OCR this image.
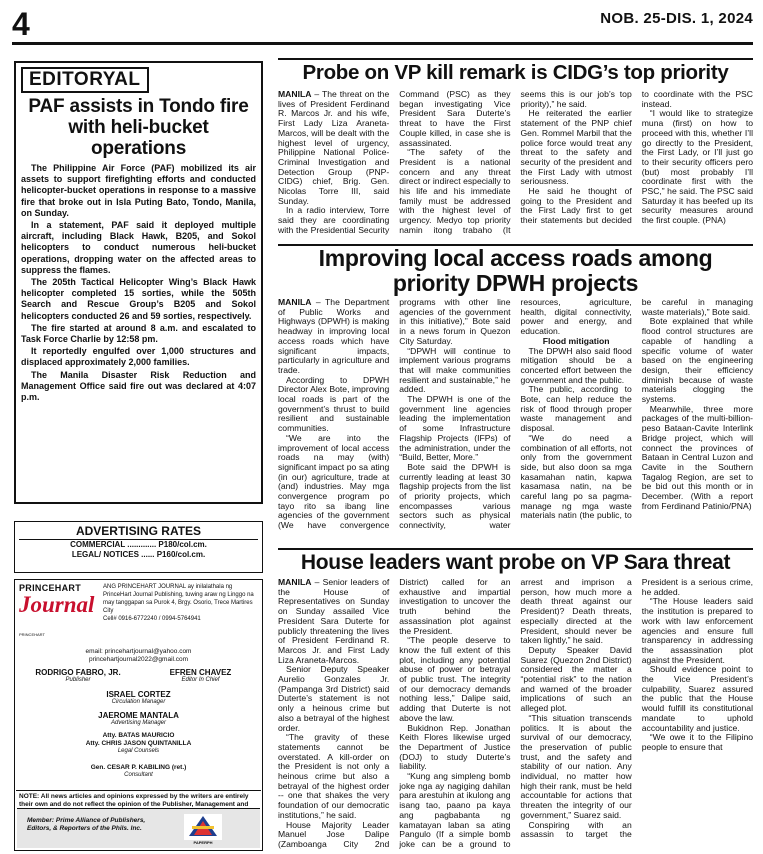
4	NOB. 25-DIS. 1, 2024
EDITORYAL
PAF assists in Tondo fire with heli-bucket operations

The Philippine Air Force (PAF) mobilized its air assets to support firefighting efforts and conducted helicopter-bucket operations in response to a massive fire that broke out in Isla Puting Bato, Tondo, Manila, on Sunday.

In a statement, PAF said it deployed multiple aircraft, including Black Hawk, B205, and Sokol helicopters to conduct numerous heli-bucket operations, dropping water on the affected areas to suppress the flames.

The 205th Tactical Helicopter Wing’s Black Hawk helicopter completed 15 sorties, while the 505th Search and Rescue Group’s B205 and Sokol helicopters conducted 26 and 59 sorties, respectively.

The fire started at around 8 a.m. and escalated to Task Force Charlie by 12:58 pm.

It reportedly engulfed over 1,000 structures and displaced approximately 2,000 families.

The Manila Disaster Risk Reduction and Management Office said fire out was declared at 4:07 p.m.

ADVERTISING RATES
COMMERCIAL ............. P180/col.cm.
LEGAL/ NOTICES ...... P160/col.cm.
PRINCEHART
Journal PRINCEHART
ANG PRINCEHART JOURNAL ay inilalathala ng PrinceHart Journal Publishing, tuwing araw ng Linggo na may tanggapan sa Purok 4, Brgy. Osorio, Trece Martires City
Cell# 0916-6772240 / 0994-5764941
email: princehartjournal@yahoo.com
princehartjournal2022@gmail.com
RODRIGO FABRO, JR.
Publisher
EFREN CHAVEZ
Editor In Chief
ISRAEL CORTEZ
Circulation Manager
JAEROME MANTALA
Advertising Manager
Atty. BATAS MAURICIO
Atty. CHRIS JASON QUINTANILLA
Legal Counsels
Gen. CESAR P. KABILING (ret.)
Consultant
NOTE: All news articles and opinions expressed by the writers are entirely their own and do not reflect the opinion of the Publisher, Management and
Member: Prime Alliance of Publishers, Editors, & Reporters of the Phils. Inc.
PAPERPH
Probe on VP kill remark is CIDG’s top priority

MANILA – The threat on the lives of President Ferdinand R. Marcos Jr. and his wife, First Lady Liza Araneta-Marcos, will be dealt with the highest level of urgency, Philippine National Police-Criminal Investigation and Detection Group (PNP-CIDG) chief, Brig. Gen. Nicolas Torre III, said Sunday.

In a radio interview, Torre said they are coordinating with the Presidential Security Command (PSC) as they began investigating Vice President Sara Duterte’s threat to have the First Couple killed, in case she is assassinated.

“The safety of the President is a national concern and any threat direct or indirect especially to his life and his immediate family must be addressed with the highest level of urgency. Medyo top priority namin itong trabaho (It seems this is our job’s top priority),” he said.

He reiterated the earlier statement of the PNP chief Gen. Rommel Marbil that the police force would treat any threat to the safety and security of the president and the First Lady with utmost seriousness.

He said he thought of going to the President and the First Lady first to get their statements but decided to coordinate with the PSC instead.

“I would like to strategize muna (first) on how to proceed with this, whether I’ll go directly to the President, the First Lady, or I’ll just go to their security officers pero (but) most probably I’ll coordinate first with the PSC,” he said. The PSC said Saturday it has beefed up its security measures around the first couple. (PNA)

Improving local access roads among priority DPWH projects

MANILA – The Department of Public Works and Highways (DPWH) is making headway in improving local access roads which have significant impacts, particularly in agriculture and trade.

According to DPWH Director Alex Bote, improving local roads is part of the government’s thrust to build resilient and sustainable communities.

“We are into the improvement of local access roads na may (with) significant impact po sa ating (in our) agriculture, trade at (and) industries. May mga convergence program po tayo rito sa ibang line agencies of the government (We have convergence programs with other line agencies of the government in this initiative),” Bote said in a news forum in Quezon City Saturday.

“DPWH will continue to implement various programs that will make communities resilient and sustainable,” he added.

The DPWH is one of the government line agencies leading the implementation of some Infrastructure Flagship Projects (IFPs) of the administration, under the “Build, Better, More.”

Bote said the DPWH is currently leading at least 30 flagship projects from the list of priority projects, which encompasses various sectors such as physical connectivity, water resources, agriculture, health, digital connectivity, power and energy, and education.

Flood mitigation

The DPWH also said flood mitigation should be a concerted effort between the government and the public.

The public, according to Bote, can help reduce the risk of flood through proper waste management and disposal.

“We do need a combination of all efforts, not only from the government side, but also doon sa mga kasamahan natin, kapwa kasamasa natin, na be careful lang po sa pagma-manage ng mga waste materials natin (the public, to be careful in managing waste materials),” Bote said.

Bote explained that while flood control structures are capable of handling a specific volume of water based on the engineering design, their efficiency diminish because of waste materials clogging the systems.

Meanwhile, three more packages of the multi-billion-peso Bataan-Cavite Interlink Bridge project, which will connect the provinces of Bataan in Central Luzon and Cavite in the Southern Tagalog Region, are set to be bid out this month or in December. (With a report from Ferdinand Patinio/PNA)

House leaders want probe on VP Sara threat

MANILA – Senior leaders of the House of Representatives on Sunday on Sunday assailed Vice President Sara Duterte for publicly threatening the lives of President Ferdinand R. Marcos Jr. and First Lady Liza Araneta-Marcos.

Senior Deputy Speaker Aurelio Gonzales Jr. (Pampanga 3rd District) said Duterte’s statement is not only a heinous crime but also a betrayal of the highest order.

“The gravity of these statements cannot be overstated. A kill-order on the President is not only a heinous crime but also a betrayal of the highest order -- one that shakes the very foundation of our democratic institutions,” he said.

House Majority Leader Manuel Jose Dalipe (Zamboanga City 2nd District) called for an exhaustive and impartial investigation to uncover the truth behind the assassination plot against the President.

“The people deserve to know the full extent of this plot, including any potential abuse of power or betrayal of public trust. The integrity of our democracy demands nothing less,” Dalipe said, adding that Duterte is not above the law.

Bukidnon Rep. Jonathan Keith Flores likewise urged the Department of Justice (DOJ) to study Duterte’s liability.

“Kung ang simpleng bomb joke nga ay nagiging dahilan para arestuhin at ikulong ang isang tao, paano pa kaya ang pagbabanta ng kamatayan laban sa ating Pangulo (If a simple bomb joke can be a ground to arrest and imprison a person, how much more a death threat against our President)? Death threats, especially directed at the President, should never be taken lightly,” he said.

Deputy Speaker David Suarez (Quezon 2nd District) considered the matter a “potential risk” to the nation and warned of the broader implications of such an alleged plot.

“This situation transcends politics. It is about the survival of our democracy, the preservation of public trust, and the safety and stability of our nation. Any individual, no matter how high their rank, must be held accountable for actions that threaten the integrity of our government,” Suarez said.

Conspiring with an assassin to target the President is a serious crime, he added.

“The House leaders said the institution is prepared to work with law enforcement agencies and ensure full transparency in addressing the assassination plot against the President.

Should evidence point to the Vice President’s culpability, Suarez assured the public that the House would fulfill its constitutional mandate to uphold accountability and justice.

“We owe it to the Filipino people to ensure that
